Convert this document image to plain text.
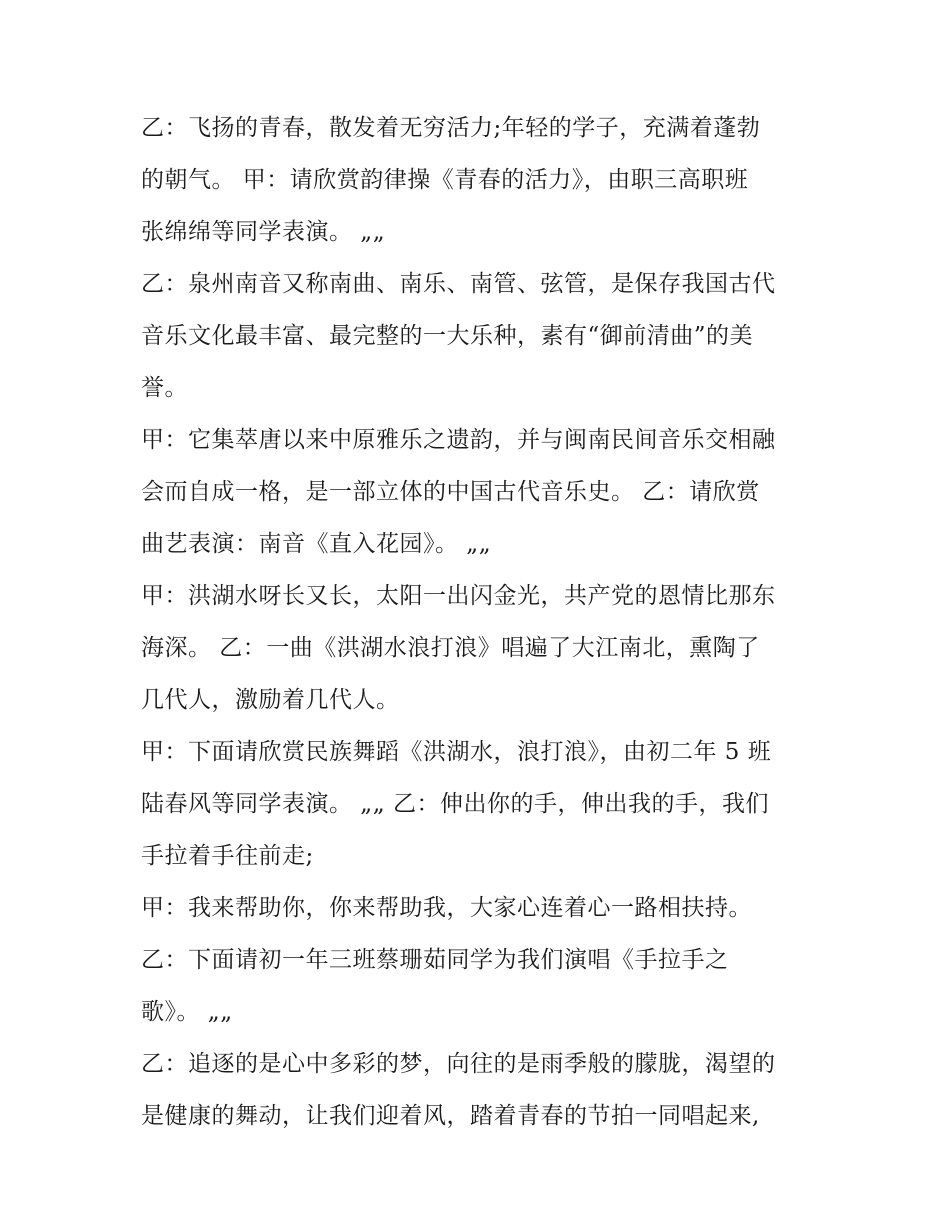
乙：飞扬的青春，散发着无穷活力;年轻的学子，充满着蓬勃
的朝气。 甲：请欣赏韵律操《青春的活力》，由职三高职班
张绵绵等同学表演。 „„

乙：泉州南音又称南曲、南乐、南管、弦管，是保存我国古代
音乐文化最丰富、最完整的一大乐种，素有“御前清曲”的美
誉。

甲：它集萃唐以来中原雅乐之遗韵，并与闽南民间音乐交相融
会而自成一格，是一部立体的中国古代音乐史。 乙：请欣赏
曲艺表演：南音《直入花园》。 „„

甲：洪湖水呀长又长，太阳一出闪金光，共产党的恩情比那东
海深。 乙：一曲《洪湖水浪打浪》唱遍了大江南北，熏陶了
几代人，激励着几代人。

甲：下面请欣赏民族舞蹈《洪湖水，浪打浪》，由初二年 5 班
陆春风等同学表演。 „„ 乙：伸出你的手，伸出我的手，我们
手拉着手往前走;

甲：我来帮助你，你来帮助我，大家心连着心一路相扶持。

乙：下面请初一年三班蔡珊茹同学为我们演唱《手拉手之
歌》。 „„

乙：追逐的是心中多彩的梦，向往的是雨季般的朦胧，渴望的
是健康的舞动，让我们迎着风，踏着青春的节拍一同唱起来,
